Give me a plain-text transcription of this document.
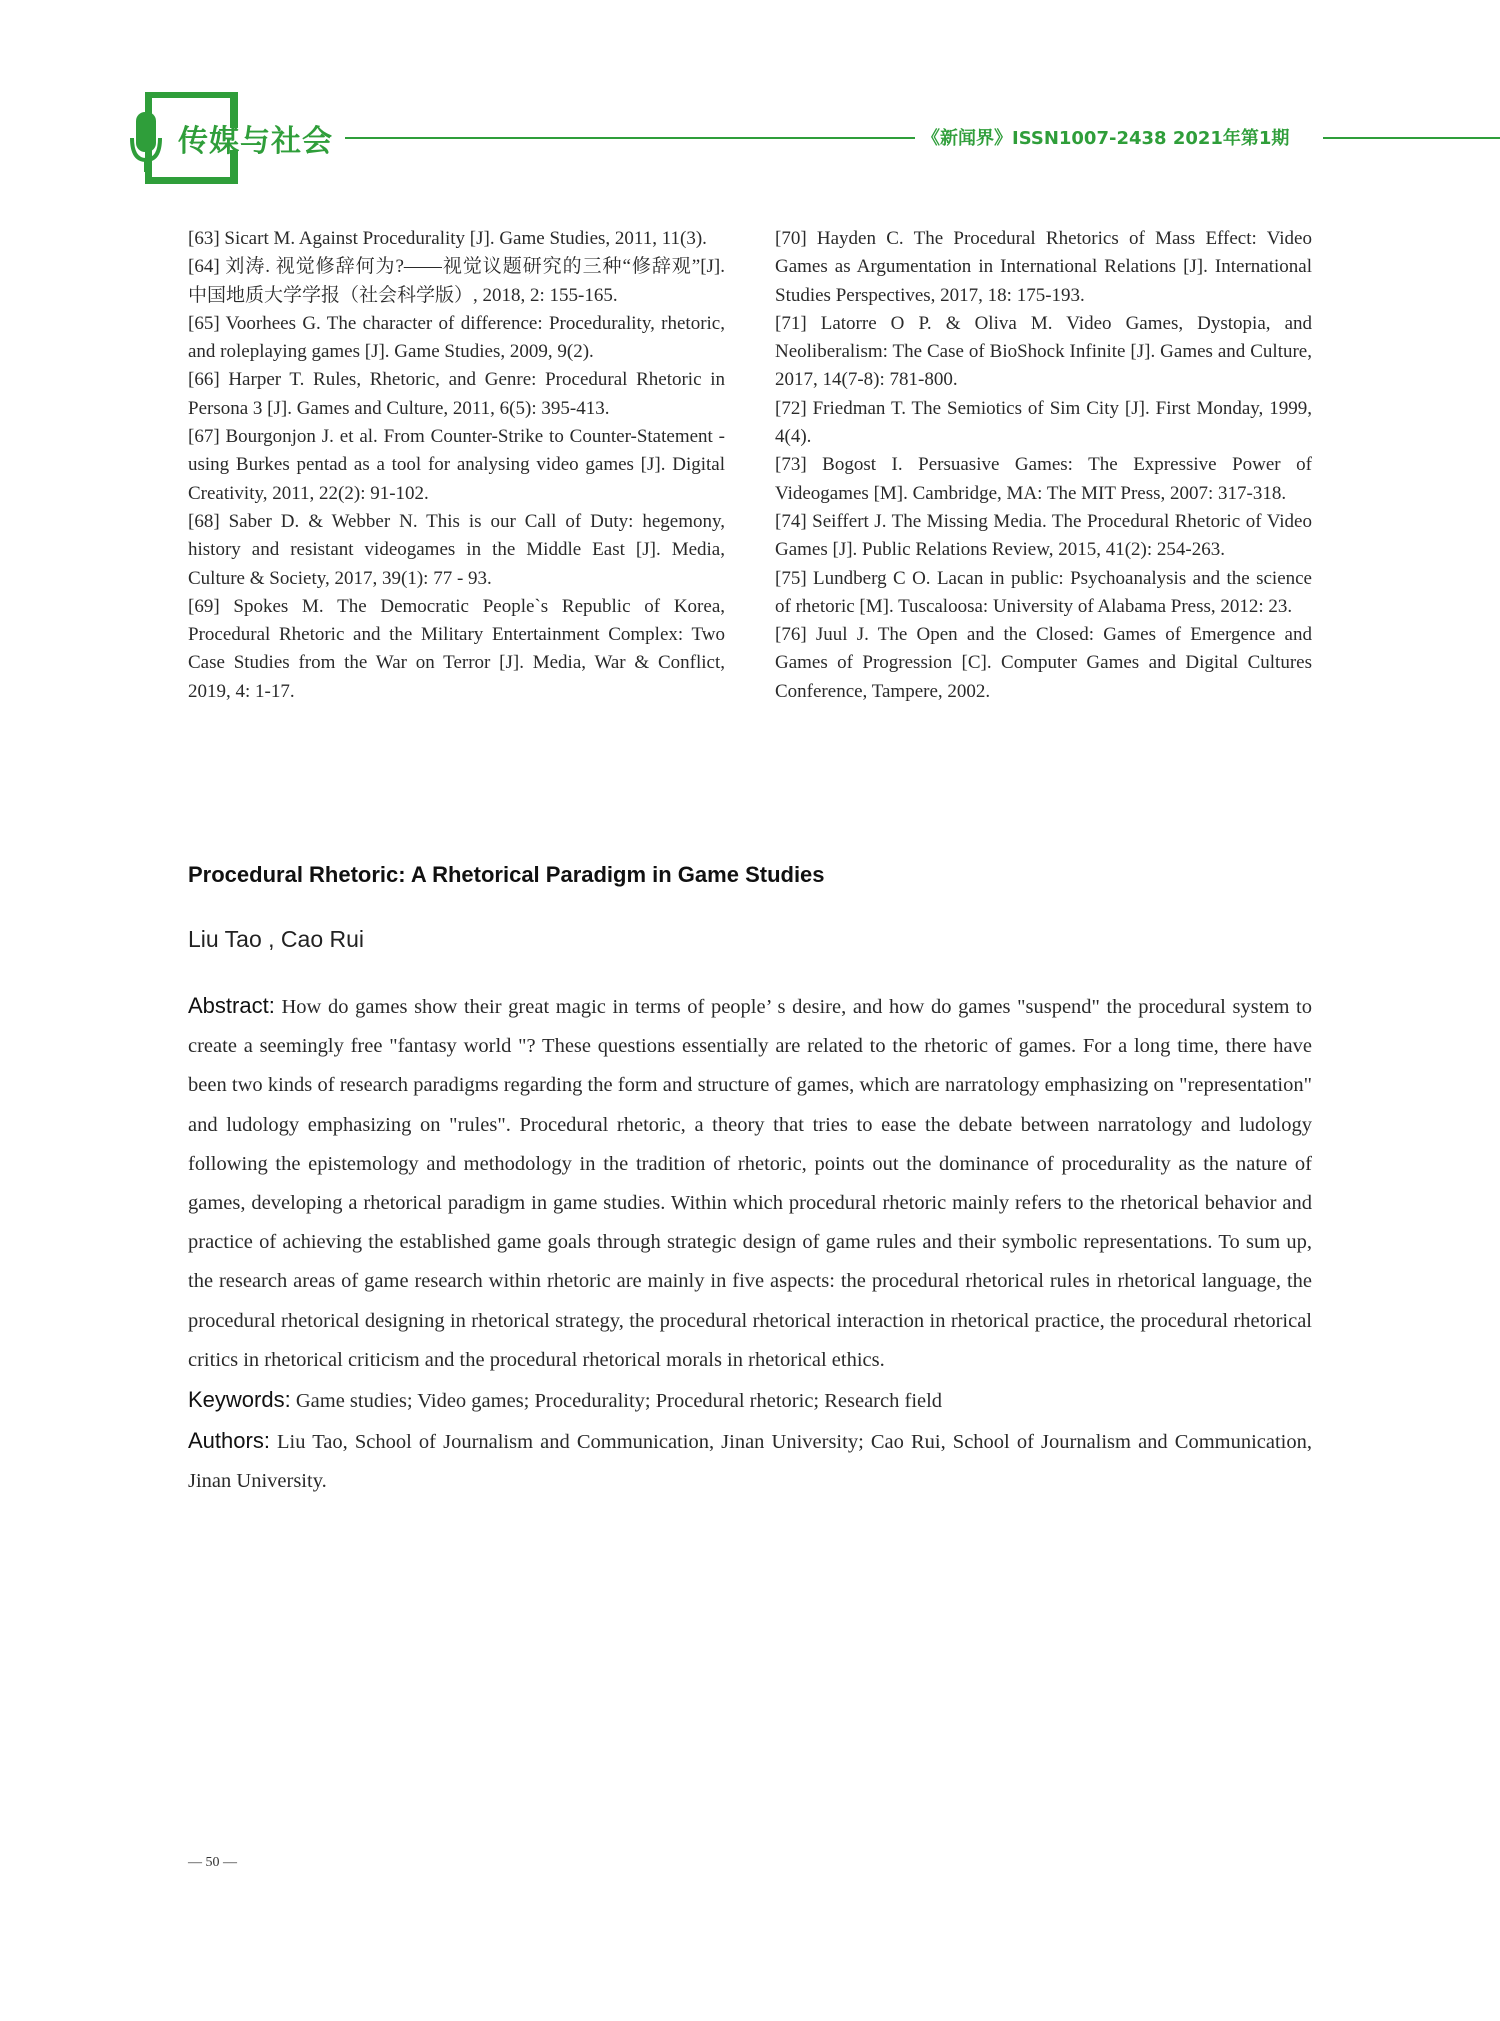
传媒与社会	《新闻界》ISSN1007-2438 2021年第1期

[63] Sicart M. Against Procedurality [J]. Game Studies, 2011, 11(3).

[64] 刘涛. 视觉修辞何为?——视觉议题研究的三种“修辞观”[J]. 中国地质大学学报（社会科学版）, 2018, 2: 155-165.

[65] Voorhees G. The character of difference: Procedurality, rhetoric, and roleplaying games [J]. Game Studies, 2009, 9(2).

[66] Harper T. Rules, Rhetoric, and Genre: Procedural Rhetoric in Persona 3 [J]. Games and Culture, 2011, 6(5): 395-413.

[67] Bourgonjon J. et al. From Counter-Strike to Counter-Statement - using Burkes pentad as a tool for analysing video games [J]. Digital Creativity, 2011, 22(2): 91-102.

[68] Saber D. & Webber N. This is our Call of Duty: hegemony, history and resistant videogames in the Middle East [J]. Media, Culture & Society, 2017, 39(1): 77 - 93.

[69] Spokes M. The Democratic People`s Republic of Korea, Procedural Rhetoric and the Military Entertainment Complex: Two Case Studies from the War on Terror [J]. Media, War & Conflict, 2019, 4: 1-17.

[70] Hayden C. The Procedural Rhetorics of Mass Effect: Video Games as Argumentation in International Relations [J]. International Studies Perspectives, 2017, 18: 175-193.

[71] Latorre O P. & Oliva M. Video Games, Dystopia, and Neoliberalism: The Case of BioShock Infinite [J]. Games and Culture, 2017, 14(7-8): 781-800.

[72] Friedman T. The Semiotics of Sim City [J]. First Monday, 1999, 4(4).

[73] Bogost I. Persuasive Games: The Expressive Power of Videogames [M]. Cambridge, MA: The MIT Press, 2007: 317-318.

[74] Seiffert J. The Missing Media. The Procedural Rhetoric of Video Games [J]. Public Relations Review, 2015, 41(2): 254-263.

[75] Lundberg C O. Lacan in public: Psychoanalysis and the science of rhetoric [M]. Tuscaloosa: University of Alabama Press, 2012: 23.

[76] Juul J. The Open and the Closed: Games of Emergence and Games of Progression [C]. Computer Games and Digital Cultures Conference, Tampere, 2002.

Procedural Rhetoric: A Rhetorical Paradigm in Game Studies
Liu Tao , Cao Rui

Abstract: How do games show their great magic in terms of people’ s desire, and how do games "suspend" the procedural system to create a seemingly free "fantasy world "? These questions essentially are related to the rhetoric of games. For a long time, there have been two kinds of research paradigms regarding the form and structure of games, which are narratology emphasizing on "representation" and ludology emphasizing on "rules". Procedural rhetoric, a theory that tries to ease the debate between narratology and ludology following the epistemology and methodology in the tradition of rhetoric, points out the dominance of procedurality as the nature of games, developing a rhetorical paradigm in game studies. Within which procedural rhetoric mainly refers to the rhetorical behavior and practice of achieving the established game goals through strategic design of game rules and their symbolic representations. To sum up, the research areas of game research within rhetoric are mainly in five aspects: the procedural rhetorical rules in rhetorical language, the procedural rhetorical designing in rhetorical strategy, the procedural rhetorical interaction in rhetorical practice, the procedural rhetorical critics in rhetorical criticism and the procedural rhetorical morals in rhetorical ethics.

Keywords: Game studies; Video games; Procedurality; Procedural rhetoric; Research field

Authors: Liu Tao, School of Journalism and Communication, Jinan University; Cao Rui, School of Journalism and Communication, Jinan University.

— 50 —
